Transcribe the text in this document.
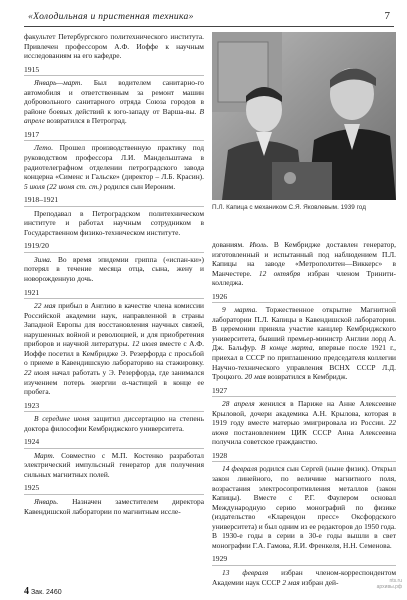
«Холодильная и пристенная техника»	7
факультет Петербургского политехнического института. Привлечен профессором А.Ф. Иоффе к научным исследованиям на его кафедре.
1915
Январь—март. Был водителем санитарно-го автомобиля и ответственным за ремонт машин добровольного санитарного отряда Союза городов в районе боевых действий к юго-западу от Варша-вы. В апреле возвратился в Петроград.
1917
Лето. Прошел производственную практику под руководством профессора Л.И. Мандельштама в радиотелеграфном отделении петроградского завода концерна «Сименс и Гальске» (директор – Л.Б. Красин). 5 июля (22 июня ст. ст.) родился сын Иероним.
1918–1921
Преподавал в Петроградском политехническом институте и работал научным сотрудником в Государственном физико-техническом институте.
1919/20
Зима. Во время эпидемии гриппа («испан-ки») потерял в течение месяца отца, сына, жену и новорожденную дочь.
1921
22 мая прибыл в Англию в качестве члена комиссии Российской академии наук, направленной в страны Западной Европы для восстановления научных связей, нарушенных войной и революцией, и для приобретения приборов и научной литературы. 12 июля вместе с А.Ф. Иоффе посетил в Кембридже Э. Резерфорда с просьбой о приеме в Кавендишскую лабораторию на стажировку. 22 июля начал работать у Э. Резерфорда, где занимался изучением потерь энергии α-частицей в конце ее пробега.
1923
В середине июня защитил диссертацию на степень доктора философии Кембриджского университета.
1924
Март. Совместно с М.П. Костенко разработал электрический импульсный генератор для получения сильных магнитных полей.
1925
Январь. Назначен заместителем директора Кавендишской лаборатории по магнитным иссле-
П.Л. Капица с механиком С.Я. Яковлевым. 1939 год
дованиям. Июль. В Кембридже доставлен генератор, изготовленный и испытанный под наблюдением П.Л. Капицы на заводе «Метрополитен—Виккерс» в Манчестере. 12 октября избран членом Тринити-колледжа.
1926
9 марта. Торжественное открытие Магнитной лаборатории П.Л. Капицы в Кавендишской лаборатории. В церемонии приняла участие канцлер Кембриджского университета, бывший премьер-министр Англии лорд А. Дж. Бальфур. В конце марта, впервые после 1921 г., приехал в СССР по приглашению председателя коллегии Научно-технического управления ВСНХ СССР Л.Д. Троцкого. 20 мая возвратился в Кембридж.
1927
28 апреля женился в Париже на Анне Алексеевне Крыловой, дочери академика А.Н. Крылова, которая в 1919 году вместе матерью эмигрировала из России. 22 июня постановлением ЦИК СССР Анна Алексеевна получила советское гражданство.
1928
14 февраля родился сын Сергей (ныне физик). Открыл закон линейного, по величине магнитного поля, возрастания электросопротивления металлов (закон Капицы). Вместе с Р.Г. Фаулером основал Международную серию монографий по физике (издательство «Кларендон пресс» Оксфордского университета) и был одним из ее редакторов до 1950 года. В 1930-е годы в серии в 30-е годы вышли в свет монографии Г.А. Гамова, Я.И. Френкеля, Н.Н. Семенова.
1929
13 февраля избран членом-корреспондентом Академии наук СССР 2 мая избран дей-
4 Зак. 2460
nts.ru
архивы.рф
